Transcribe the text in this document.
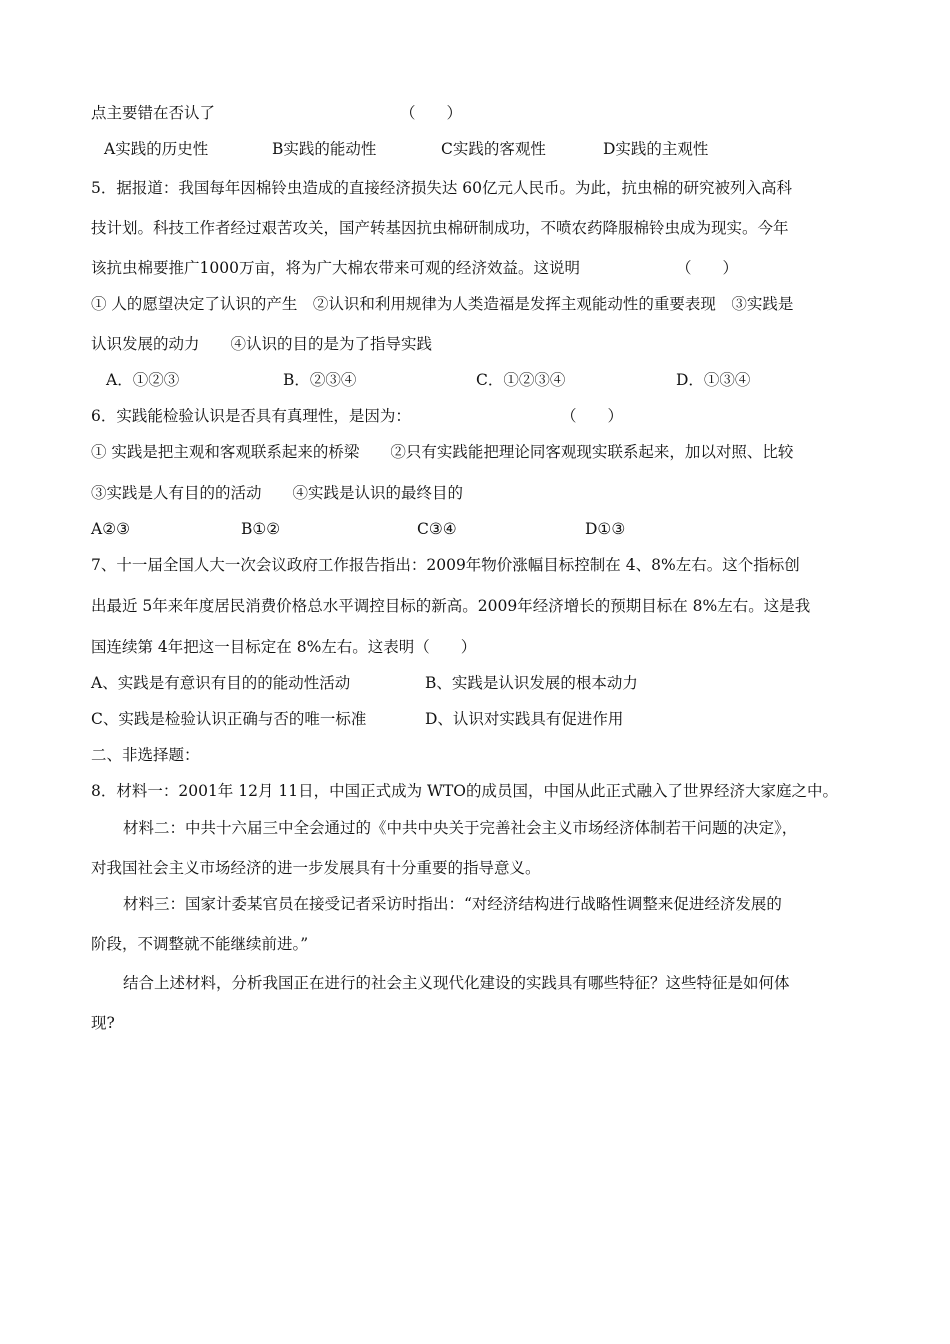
点主要错在否认了	（　　）
A实践的历史性	B实践的能动性	C实践的客观性	D实践的主观性
5．据报道：我国每年因棉铃虫造成的直接经济损失达 60亿元人民币。为此，抗虫棉的研究被列入高科
技计划。科技工作者经过艰苦攻关，国产转基因抗虫棉研制成功，不喷农药降服棉铃虫成为现实。今年
该抗虫棉要推广1000万亩，将为广大棉农带来可观的经济效益。这说明	（　　）
① 人的愿望决定了认识的产生　②认识和利用规律为人类造福是发挥主观能动性的重要表现　③实践是
认识发展的动力　　④认识的目的是为了指导实践
A．①②③	B．②③④	C．①②③④	D．①③④
6．实践能检验认识是否具有真理性，是因为：	（　　）
① 实践是把主观和客观联系起来的桥梁　　②只有实践能把理论同客观现实联系起来，加以对照、比较
③实践是人有目的的活动　　④实践是认识的最终目的
A②③	B①②	C③④	D①③
7、十一届全国人大一次会议政府工作报告指出：2009年物价涨幅目标控制在 4、8%左右。这个指标创
出最近 5年来年度居民消费价格总水平调控目标的新高。2009年经济增长的预期目标在 8%左右。这是我
国连续第 4年把这一目标定在 8%左右。这表明（　　）
A、实践是有意识有目的的能动性活动	B、实践是认识发展的根本动力
C、实践是检验认识正确与否的唯一标准	D、认识对实践具有促进作用
二、非选择题：
8．材料一：2001年 12月 11日，中国正式成为 WTO的成员国，中国从此正式融入了世界经济大家庭之中。
材料二：中共十六届三中全会通过的《中共中央关于完善社会主义市场经济体制若干问题的决定》，
对我国社会主义市场经济的进一步发展具有十分重要的指导意义。
材料三：国家计委某官员在接受记者采访时指出：“对经济结构进行战略性调整来促进经济发展的
阶段，不调整就不能继续前进。”
结合上述材料，分析我国正在进行的社会主义现代化建设的实践具有哪些特征？这些特征是如何体
现?
